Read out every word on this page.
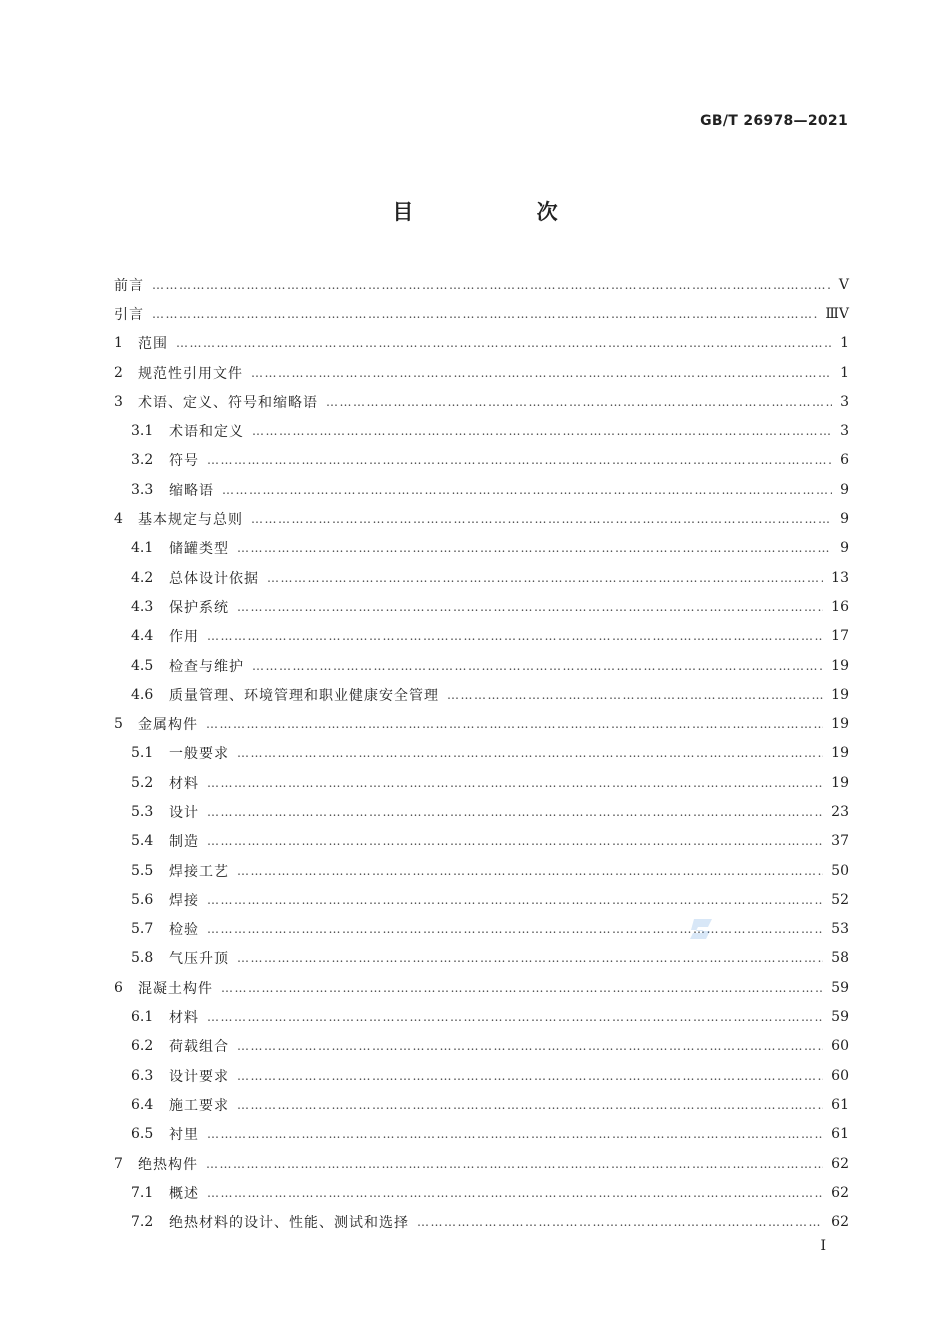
GB/T 26978—2021
目 次
前言 ……………………………………………………………………………………………………………………………………………………………………………………………………………………………………	Ⅴ
引言 ……………………………………………………………………………………………………………………………………………………………………………………………………………………………………	ⅢⅤ
1	范围 ……………………………………………………………………………………………………………………………………………………………………………………………………………………………………	1
2	规范性引用文件 ……………………………………………………………………………………………………………………………………………………………………………………………………………………………………	1
3	术语、定义、符号和缩略语 ……………………………………………………………………………………………………………………………………………………………………………………………………………………………………	3
3.1	术语和定义 ……………………………………………………………………………………………………………………………………………………………………………………………………………………………………	3
3.2	符号 ……………………………………………………………………………………………………………………………………………………………………………………………………………………………………	6
3.3	缩略语 ……………………………………………………………………………………………………………………………………………………………………………………………………………………………………	9
4	基本规定与总则 ……………………………………………………………………………………………………………………………………………………………………………………………………………………………………	9
4.1	储罐类型 ……………………………………………………………………………………………………………………………………………………………………………………………………………………………………	9
4.2	总体设计依据 ……………………………………………………………………………………………………………………………………………………………………………………………………………………………………	13
4.3	保护系统 ……………………………………………………………………………………………………………………………………………………………………………………………………………………………………	16
4.4	作用 ……………………………………………………………………………………………………………………………………………………………………………………………………………………………………	17
4.5	检查与维护 ……………………………………………………………………………………………………………………………………………………………………………………………………………………………………	19
4.6	质量管理、环境管理和职业健康安全管理 ……………………………………………………………………………………………………………………………………………………………………………………………………………………………………	19
5	金属构件 ……………………………………………………………………………………………………………………………………………………………………………………………………………………………………	19
5.1	一般要求 ……………………………………………………………………………………………………………………………………………………………………………………………………………………………………	19
5.2	材料 ……………………………………………………………………………………………………………………………………………………………………………………………………………………………………	19
5.3	设计 ……………………………………………………………………………………………………………………………………………………………………………………………………………………………………	23
5.4	制造 ……………………………………………………………………………………………………………………………………………………………………………………………………………………………………	37
5.5	焊接工艺 ……………………………………………………………………………………………………………………………………………………………………………………………………………………………………	50
5.6	焊接 ……………………………………………………………………………………………………………………………………………………………………………………………………………………………………	52
5.7	检验 ……………………………………………………………………………………………………………………………………………………………………………………………………………………………………	53
5.8	气压升顶 ……………………………………………………………………………………………………………………………………………………………………………………………………………………………………	58
6	混凝土构件 ……………………………………………………………………………………………………………………………………………………………………………………………………………………………………	59
6.1	材料 ……………………………………………………………………………………………………………………………………………………………………………………………………………………………………	59
6.2	荷载组合 ……………………………………………………………………………………………………………………………………………………………………………………………………………………………………	60
6.3	设计要求 ……………………………………………………………………………………………………………………………………………………………………………………………………………………………………	60
6.4	施工要求 ……………………………………………………………………………………………………………………………………………………………………………………………………………………………………	61
6.5	衬里 ……………………………………………………………………………………………………………………………………………………………………………………………………………………………………	61
7	绝热构件 ……………………………………………………………………………………………………………………………………………………………………………………………………………………………………	62
7.1	概述 ……………………………………………………………………………………………………………………………………………………………………………………………………………………………………	62
7.2	绝热材料的设计、性能、测试和选择 ……………………………………………………………………………………………………………………………………………………………………………………………………………………………………	62
Ⅰ
